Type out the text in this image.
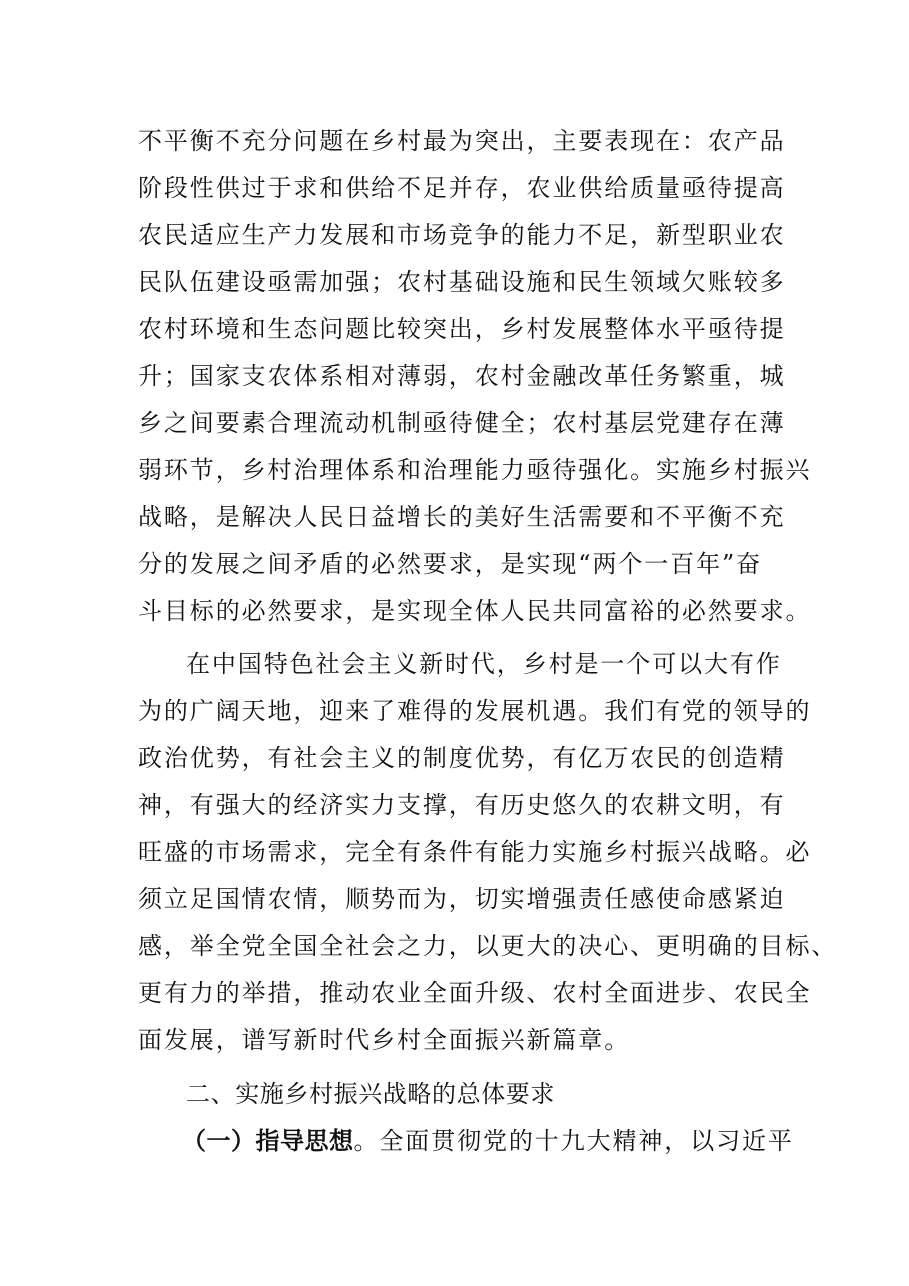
不平衡不充分问题在乡村最为突出，主要表现在：农产品
阶段性供过于求和供给不足并存，农业供给质量亟待提高
农民适应生产力发展和市场竞争的能力不足，新型职业农
民队伍建设亟需加强；农村基础设施和民生领域欠账较多
农村环境和生态问题比较突出，乡村发展整体水平亟待提
升；国家支农体系相对薄弱，农村金融改革任务繁重，城
乡之间要素合理流动机制亟待健全；农村基层党建存在薄
弱环节，乡村治理体系和治理能力亟待强化。实施乡村振兴
战略，是解决人民日益增长的美好生活需要和不平衡不充
分的发展之间矛盾的必然要求，是实现“两个一百年”奋
斗目标的必然要求，是实现全体人民共同富裕的必然要求。
在中国特色社会主义新时代，乡村是一个可以大有作
为的广阔天地，迎来了难得的发展机遇。我们有党的领导的
政治优势，有社会主义的制度优势，有亿万农民的创造精
神，有强大的经济实力支撑，有历史悠久的农耕文明，有
旺盛的市场需求，完全有条件有能力实施乡村振兴战略。必
须立足国情农情，顺势而为，切实增强责任感使命感紧迫
感，举全党全国全社会之力，以更大的决心、更明确的目标、
更有力的举措，推动农业全面升级、农村全面进步、农民全
面发展，谱写新时代乡村全面振兴新篇章。
二、实施乡村振兴战略的总体要求
（一）指导思想。全面贯彻党的十九大精神，以习近平
